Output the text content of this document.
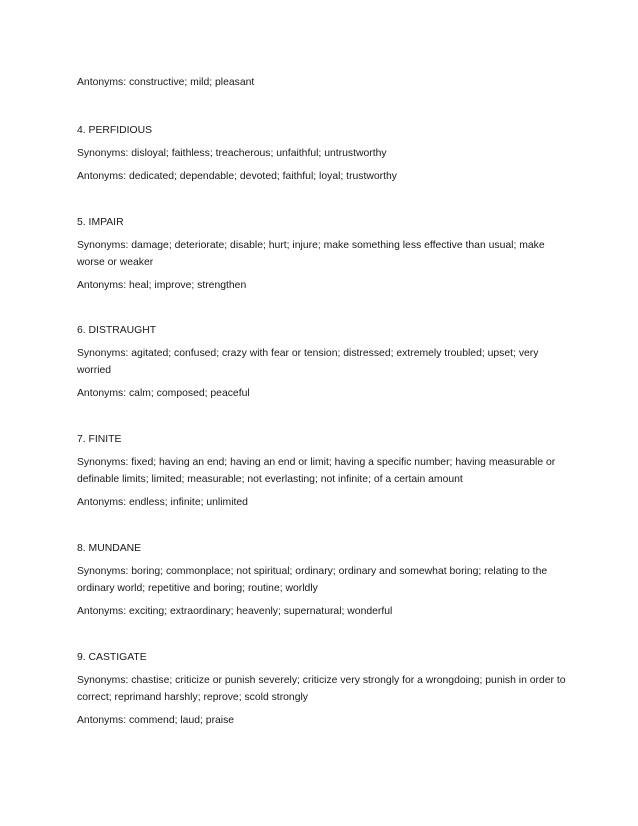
Antonyms: constructive; mild; pleasant

4. PERFIDIOUS

Synonyms: disloyal; faithless; treacherous; unfaithful; untrustworthy

Antonyms: dedicated; dependable; devoted; faithful; loyal; trustworthy

5. IMPAIR

Synonyms: damage; deteriorate; disable; hurt; injure; make something less effective than usual; make worse or weaker

Antonyms: heal; improve; strengthen

6. DISTRAUGHT

Synonyms: agitated; confused; crazy with fear or tension; distressed; extremely troubled; upset; very worried

Antonyms: calm; composed; peaceful

7. FINITE

Synonyms: fixed; having an end; having an end or limit; having a specific number; having measurable or definable limits; limited; measurable; not everlasting; not infinite; of a certain amount

Antonyms: endless; infinite; unlimited

8. MUNDANE

Synonyms: boring; commonplace; not spiritual; ordinary; ordinary and somewhat boring; relating to the ordinary world; repetitive and boring; routine; worldly

Antonyms: exciting; extraordinary; heavenly; supernatural; wonderful

9. CASTIGATE

Synonyms: chastise; criticize or punish severely; criticize very strongly for a wrongdoing; punish in order to correct; reprimand harshly; reprove; scold strongly

Antonyms: commend; laud; praise
